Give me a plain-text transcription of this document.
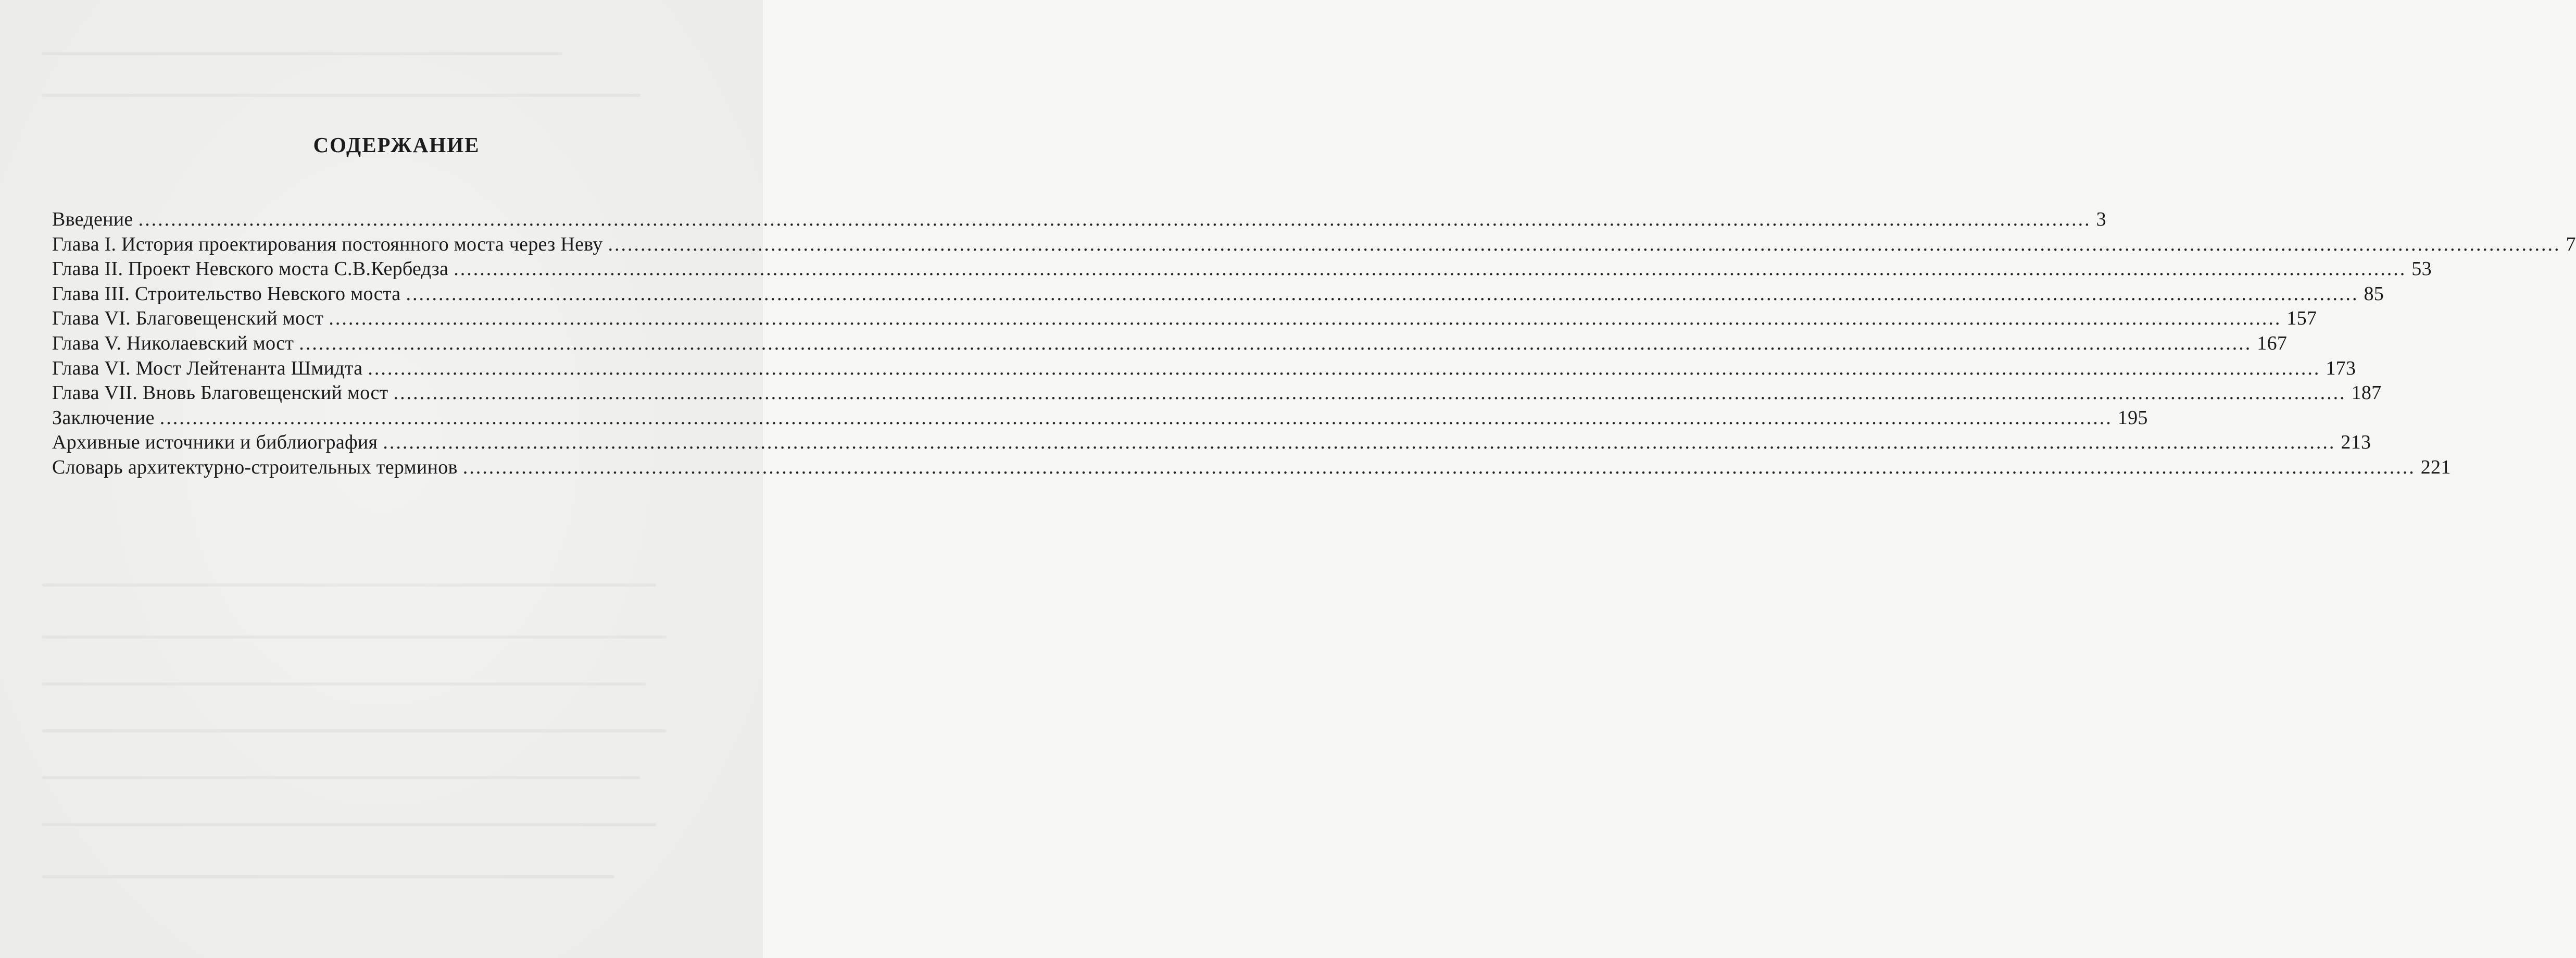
СОДЕРЖАНИЕ
Введение ............................................................................................................................................................................................................................................................................................................ 3
Глава I. История проектирования постоянного моста через Неву ............................................................................................................................................................................................................................................................................................................ 7
Глава II. Проект Невского моста С.В.Кербедза ............................................................................................................................................................................................................................................................................................................ 53
Глава III. Строительство Невского моста ............................................................................................................................................................................................................................................................................................................ 85
Глава VI. Благовещенский мост ............................................................................................................................................................................................................................................................................................................ 157
Глава V. Николаевский мост ............................................................................................................................................................................................................................................................................................................ 167
Глава VI. Мост Лейтенанта Шмидта ............................................................................................................................................................................................................................................................................................................ 173
Глава VII. Вновь Благовещенский мост ............................................................................................................................................................................................................................................................................................................ 187
Заключение ............................................................................................................................................................................................................................................................................................................ 195
Архивные источники и библиография ............................................................................................................................................................................................................................................................................................................ 213
Словарь архитектурно-строительных терминов ............................................................................................................................................................................................................................................................................................................ 221
